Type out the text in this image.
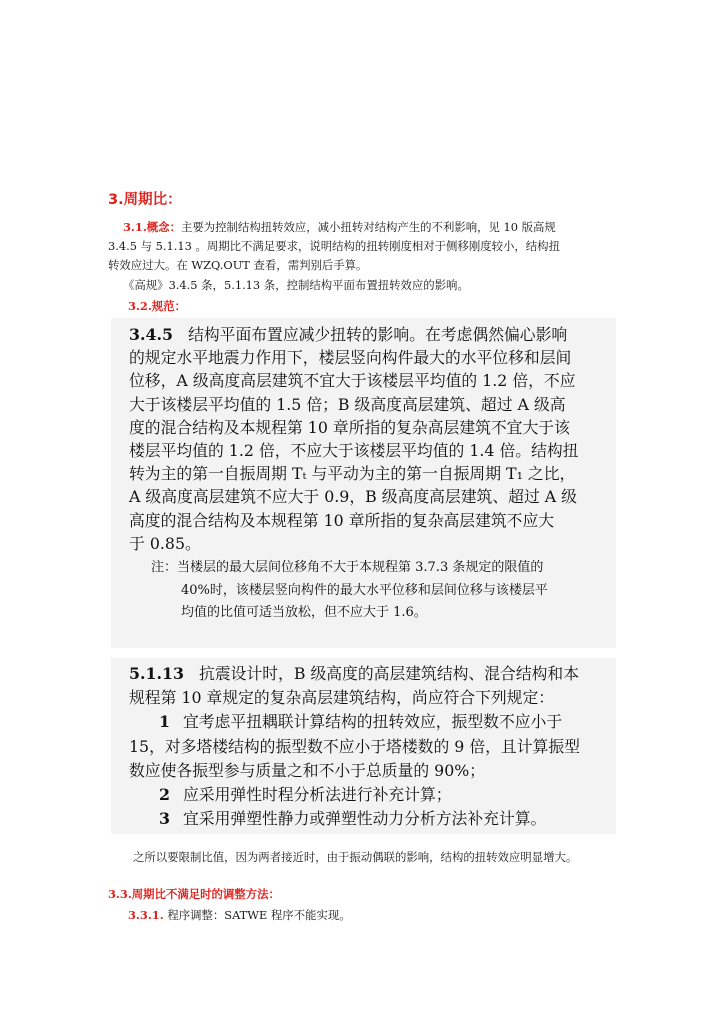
3.周期比：
3.1.概念：主要为控制结构扭转效应，减小扭转对结构产生的不利影响，见 10 版高规
3.4.5 与 5.1.13 。周期比不满足要求，说明结构的扭转刚度相对于侧移刚度较小，结构扭
转效应过大。在 WZQ.OUT 查看，需判别后手算。
《高规》3.4.5 条，5.1.13 条，控制结构平面布置扭转效应的影响。
3.2.规范：
3.4.5 结构平面布置应减少扭转的影响。在考虑偶然偏心影响
的规定水平地震力作用下，楼层竖向构件最大的水平位移和层间
位移，A 级高度高层建筑不宜大于该楼层平均值的 1.2 倍，不应
大于该楼层平均值的 1.5 倍；B 级高度高层建筑、超过 A 级高
度的混合结构及本规程第 10 章所指的复杂高层建筑不宜大于该
楼层平均值的 1.2 倍，不应大于该楼层平均值的 1.4 倍。结构扭
转为主的第一自振周期 Tₜ 与平动为主的第一自振周期 T₁ 之比，
A 级高度高层建筑不应大于 0.9，B 级高度高层建筑、超过 A 级
高度的混合结构及本规程第 10 章所指的复杂高层建筑不应大
于 0.85。
注：当楼层的最大层间位移角不大于本规程第 3.7.3 条规定的限值的
40%时，该楼层竖向构件的最大水平位移和层间位移与该楼层平
均值的比值可适当放松，但不应大于 1.6。
5.1.13 抗震设计时，B 级高度的高层建筑结构、混合结构和本
规程第 10 章规定的复杂高层建筑结构，尚应符合下列规定：
1 宜考虑平扭耦联计算结构的扭转效应，振型数不应小于
15，对多塔楼结构的振型数不应小于塔楼数的 9 倍，且计算振型
数应使各振型参与质量之和不小于总质量的 90%；
2 应采用弹性时程分析法进行补充计算；
3 宜采用弹塑性静力或弹塑性动力分析方法补充计算。
之所以要限制比值，因为两者接近时，由于振动偶联的影响，结构的扭转效应明显增大。
3.3.周期比不满足时的调整方法：
3.3.1. 程序调整：SATWE 程序不能实现。
